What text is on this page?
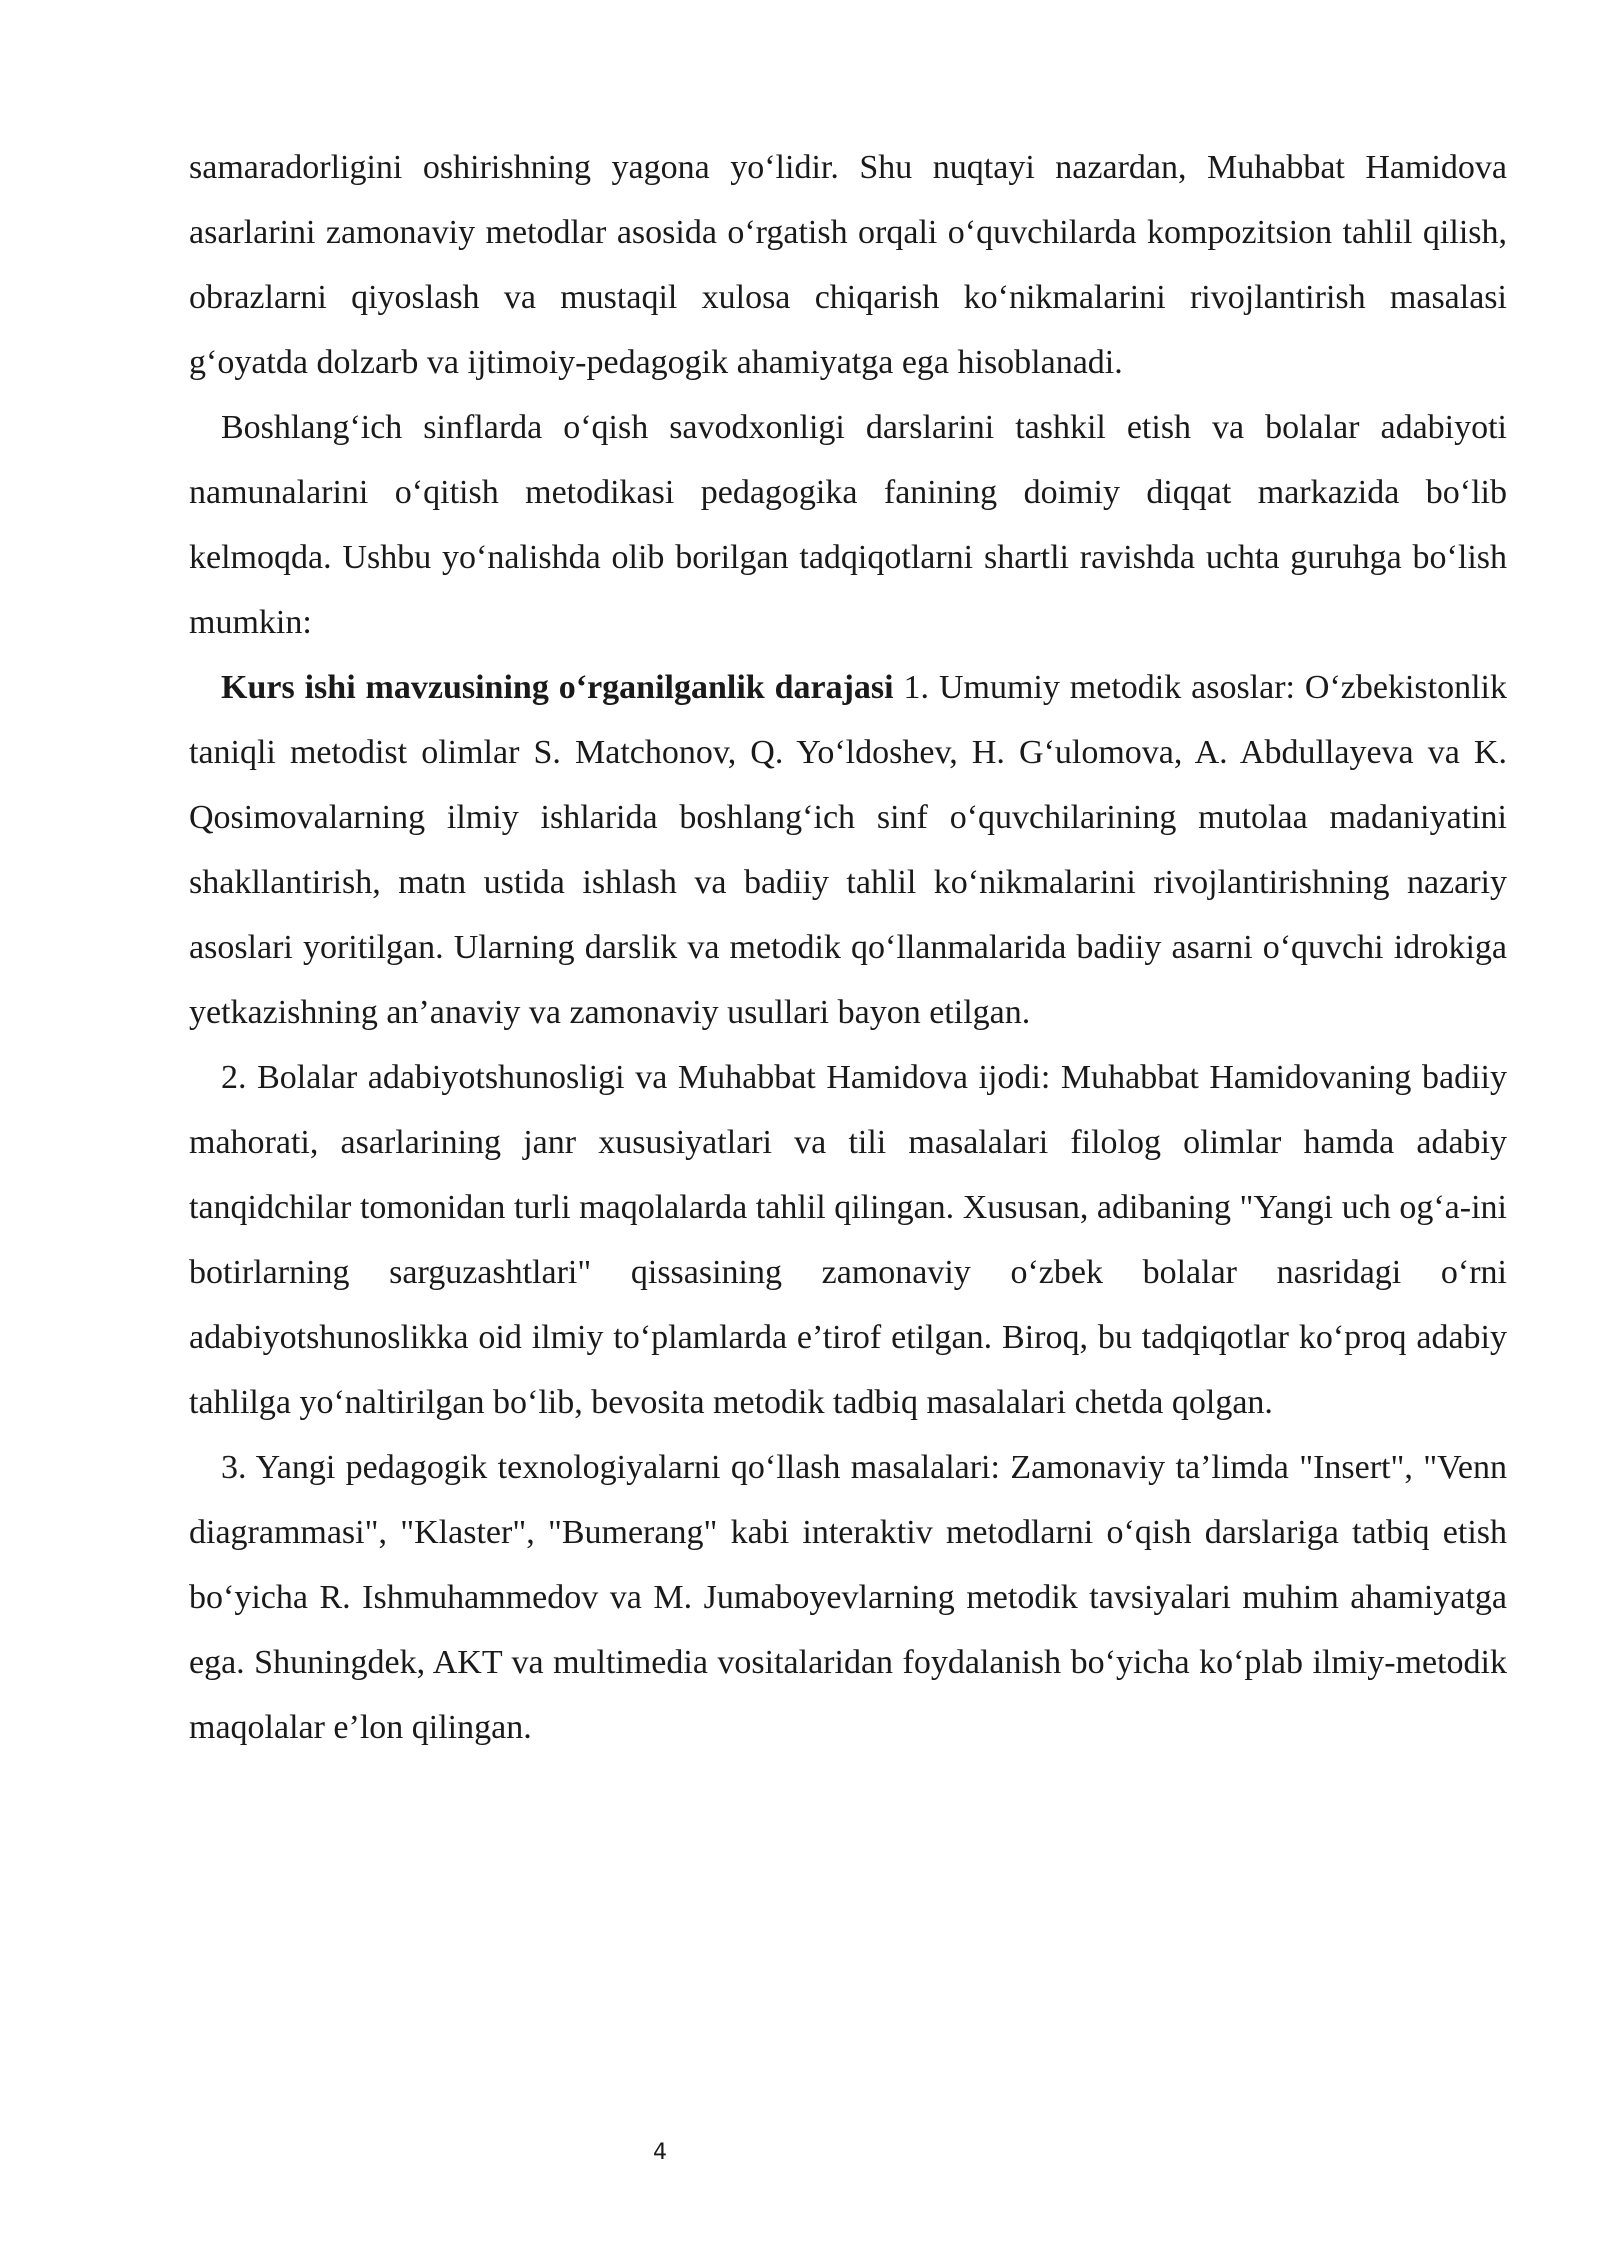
samaradorligini oshirishning yagona yo‘lidir. Shu nuqtayi nazardan, Muhabbat Hamidova asarlarini zamonaviy metodlar asosida o‘rgatish orqali o‘quvchilarda kompozitsion tahlil qilish, obrazlarni qiyoslash va mustaqil xulosa chiqarish ko‘nikmalarini rivojlantirish masalasi g‘oyatda dolzarb va ijtimoiy-pedagogik ahamiyatga ega hisoblanadi.

Boshlang‘ich sinflarda o‘qish savodxonligi darslarini tashkil etish va bolalar adabiyoti namunalarini o‘qitish metodikasi pedagogika fanining doimiy diqqat markazida bo‘lib kelmoqda. Ushbu yo‘nalishda olib borilgan tadqiqotlarni shartli ravishda uchta guruhga bo‘lish mumkin:

Kurs ishi mavzusining o‘rganilganlik darajasi 1. Umumiy metodik asoslar: O‘zbekistonlik taniqli metodist olimlar S. Matchonov, Q. Yo‘ldoshev, H. G‘ulomova, A. Abdullayeva va K. Qosimovalarning ilmiy ishlarida boshlang‘ich sinf o‘quvchilarining mutolaa madaniyatini shakllantirish, matn ustida ishlash va badiiy tahlil ko‘nikmalarini rivojlantirishning nazariy asoslari yoritilgan. Ularning darslik va metodik qo‘llanmalarida badiiy asarni o‘quvchi idrokiga yetkazishning an’anaviy va zamonaviy usullari bayon etilgan.

2. Bolalar adabiyotshunosligi va Muhabbat Hamidova ijodi: Muhabbat Hamidovaning badiiy mahorati, asarlarining janr xususiyatlari va tili masalalari filolog olimlar hamda adabiy tanqidchilar tomonidan turli maqolalarda tahlil qilingan. Xususan, adibaning "Yangi uch og‘a-ini botirlarning sarguzashtlari" qissasining zamonaviy o‘zbek bolalar nasridagi o‘rni adabiyotshunoslikka oid ilmiy to‘plamlarda e’tirof etilgan. Biroq, bu tadqiqotlar ko‘proq adabiy tahlilga yo‘naltirilgan bo‘lib, bevosita metodik tadbiq masalalari chetda qolgan.

3. Yangi pedagogik texnologiyalarni qo‘llash masalalari: Zamonaviy ta’limda "Insert", "Venn diagrammasi", "Klaster", "Bumerang" kabi interaktiv metodlarni o‘qish darslariga tatbiq etish bo‘yicha R. Ishmuhammedov va M. Jumaboyevlarning metodik tavsiyalari muhim ahamiyatga ega. Shuningdek, AKT va multimedia vositalaridan foydalanish bo‘yicha ko‘plab ilmiy-metodik maqolalar e’lon qilingan.

4
